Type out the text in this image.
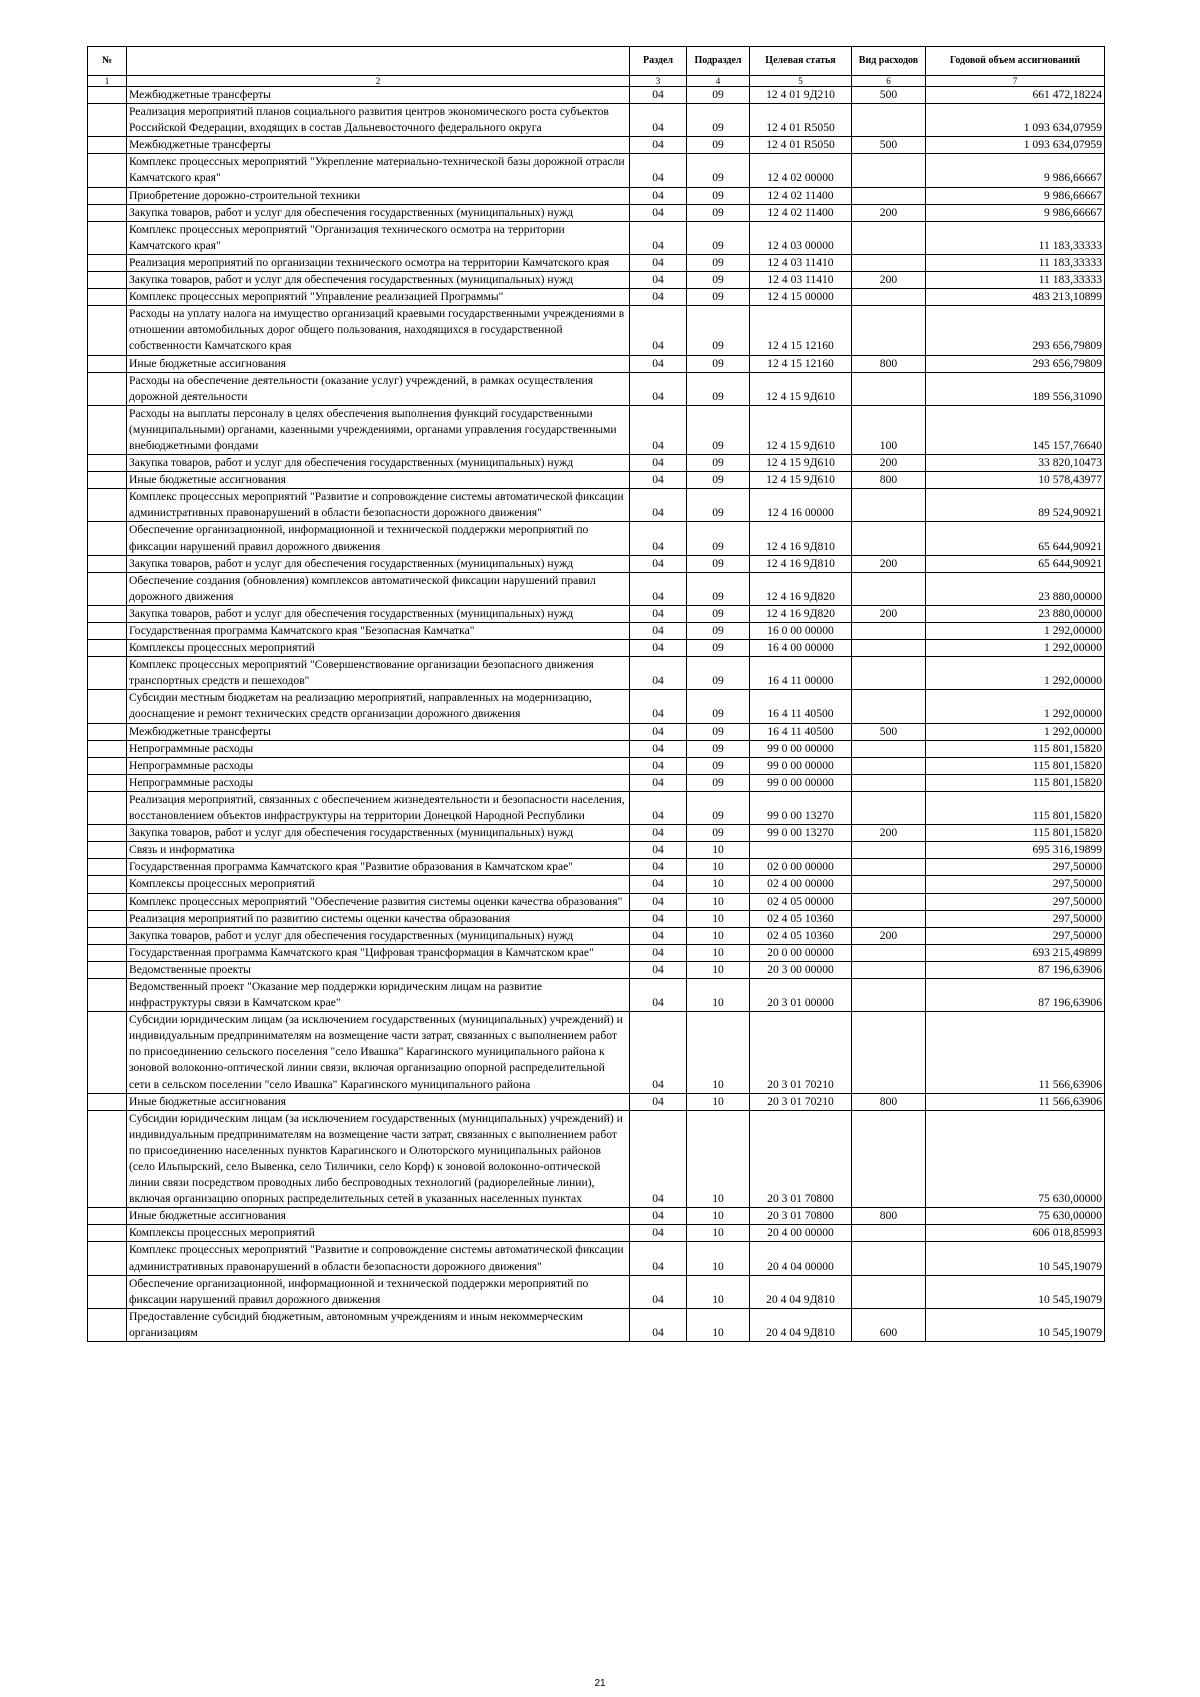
№		Раздел	Подраздел	Целевая статья	Вид расходов	Годовой объем ассигнований
1	2	3	4	5	6	7
	Межбюджетные трансферты	04	09	12 4 01 9Д210	500	661 472,18224
	Реализация мероприятий планов социального развития центров экономического роста субъектов Российской Федерации, входящих в состав Дальневосточного федерального округа	04	09	12 4 01 R5050		1 093 634,07959
	Межбюджетные трансферты	04	09	12 4 01 R5050	500	1 093 634,07959
	Комплекс процессных мероприятий "Укрепление материально-технической базы дорожной отрасли Камчатского края"	04	09	12 4 02 00000		9 986,66667
	Приобретение дорожно-строительной техники	04	09	12 4 02 11400		9 986,66667
	Закупка товаров, работ и услуг для обеспечения государственных (муниципальных) нужд	04	09	12 4 02 11400	200	9 986,66667
	Комплекс процессных мероприятий "Организация технического осмотра на территории Камчатского края"	04	09	12 4 03 00000		11 183,33333
	Реализация мероприятий по организации технического осмотра на территории Камчатского края	04	09	12 4 03 11410		11 183,33333
	Закупка товаров, работ и услуг для обеспечения государственных (муниципальных) нужд	04	09	12 4 03 11410	200	11 183,33333
	Комплекс процессных мероприятий "Управление реализацией Программы"	04	09	12 4 15 00000		483 213,10899
	Расходы на уплату налога на имущество организаций краевыми государственными учреждениями в отношении автомобильных дорог общего пользования, находящихся в государственной собственности Камчатского края	04	09	12 4 15 12160		293 656,79809
	Иные бюджетные ассигнования	04	09	12 4 15 12160	800	293 656,79809
	Расходы на обеспечение деятельности (оказание услуг) учреждений, в рамках осуществления дорожной деятельности	04	09	12 4 15 9Д610		189 556,31090
	Расходы на выплаты персоналу в целях обеспечения выполнения функций государственными (муниципальными) органами, казенными учреждениями, органами управления государственными внебюджетными фондами	04	09	12 4 15 9Д610	100	145 157,76640
	Закупка товаров, работ и услуг для обеспечения государственных (муниципальных) нужд	04	09	12 4 15 9Д610	200	33 820,10473
	Иные бюджетные ассигнования	04	09	12 4 15 9Д610	800	10 578,43977
	Комплекс процессных мероприятий "Развитие и сопровождение системы автоматической фиксации административных правонарушений в области безопасности дорожного движения"	04	09	12 4 16 00000		89 524,90921
	Обеспечение организационной, информационной и технической поддержки мероприятий по фиксации нарушений правил дорожного движения	04	09	12 4 16 9Д810		65 644,90921
	Закупка товаров, работ и услуг для обеспечения государственных (муниципальных) нужд	04	09	12 4 16 9Д810	200	65 644,90921
	Обеспечение создания (обновления) комплексов автоматической фиксации нарушений правил дорожного движения	04	09	12 4 16 9Д820		23 880,00000
	Закупка товаров, работ и услуг для обеспечения государственных (муниципальных) нужд	04	09	12 4 16 9Д820	200	23 880,00000
	Государственная программа Камчатского края "Безопасная Камчатка"	04	09	16 0 00 00000		1 292,00000
	Комплексы процессных мероприятий	04	09	16 4 00 00000		1 292,00000
	Комплекс процессных мероприятий "Совершенствование организации безопасного движения транспортных средств и пешеходов"	04	09	16 4 11 00000		1 292,00000
	Субсидии местным бюджетам на реализацию мероприятий, направленных на модернизацию, дооснащение и ремонт технических средств организации дорожного движения	04	09	16 4 11 40500		1 292,00000
	Межбюджетные трансферты	04	09	16 4 11 40500	500	1 292,00000
	Непрограммные расходы	04	09	99 0 00 00000		115 801,15820
	Непрограммные расходы	04	09	99 0 00 00000		115 801,15820
	Непрограммные расходы	04	09	99 0 00 00000		115 801,15820
	Реализация мероприятий, связанных с обеспечением жизнедеятельности и безопасности населения, восстановлением объектов инфраструктуры на территории Донецкой Народной Республики	04	09	99 0 00 13270		115 801,15820
	Закупка товаров, работ и услуг для обеспечения государственных (муниципальных) нужд	04	09	99 0 00 13270	200	115 801,15820
	Связь и информатика	04	10			695 316,19899
	Государственная программа Камчатского края "Развитие образования в Камчатском крае"	04	10	02 0 00 00000		297,50000
	Комплексы процессных мероприятий	04	10	02 4 00 00000		297,50000
	Комплекс процессных мероприятий "Обеспечение развития системы оценки качества образования"	04	10	02 4 05 00000		297,50000
	Реализация мероприятий по развитию системы оценки качества образования	04	10	02 4 05 10360		297,50000
	Закупка товаров, работ и услуг для обеспечения государственных (муниципальных) нужд	04	10	02 4 05 10360	200	297,50000
	Государственная программа Камчатского края "Цифровая трансформация в Камчатском крае"	04	10	20 0 00 00000		693 215,49899
	Ведомственные проекты	04	10	20 3 00 00000		87 196,63906
	Ведомственный проект "Оказание мер поддержки юридическим лицам на развитие инфраструктуры связи в Камчатском крае"	04	10	20 3 01 00000		87 196,63906
	Субсидии юридическим лицам (за исключением государственных (муниципальных) учреждений) и индивидуальным предпринимателям на возмещение части затрат, связанных с выполнением работ по присоединению сельского поселения "село Ивашка" Карагинского муниципального района к зоновой волоконно-оптической линии связи, включая организацию опорной распределительной сети в сельском поселении "село Ивашка" Карагинского муниципального района	04	10	20 3 01 70210		11 566,63906
	Иные бюджетные ассигнования	04	10	20 3 01 70210	800	11 566,63906
	Субсидии юридическим лицам (за исключением государственных (муниципальных) учреждений) и индивидуальным предпринимателям на возмещение части затрат, связанных с выполнением работ по присоединению населенных пунктов Карагинского и Олюторского муниципальных районов (село Ильпырский, село Вывенка, село Тиличики, село Корф) к зоновой волоконно-оптической линии связи посредством проводных либо беспроводных технологий (радиорелейные линии), включая организацию опорных распределительных сетей в указанных населенных пунктах	04	10	20 3 01 70800		75 630,00000
	Иные бюджетные ассигнования	04	10	20 3 01 70800	800	75 630,00000
	Комплексы процессных мероприятий	04	10	20 4 00 00000		606 018,85993
	Комплекс процессных мероприятий "Развитие и сопровождение системы автоматической фиксации административных правонарушений в области безопасности дорожного движения"	04	10	20 4 04 00000		10 545,19079
	Обеспечение организационной, информационной и технической поддержки мероприятий по фиксации нарушений правил дорожного движения	04	10	20 4 04 9Д810		10 545,19079
	Предоставление субсидий бюджетным, автономным учреждениям и иным некоммерческим организациям	04	10	20 4 04 9Д810	600	10 545,19079
21
